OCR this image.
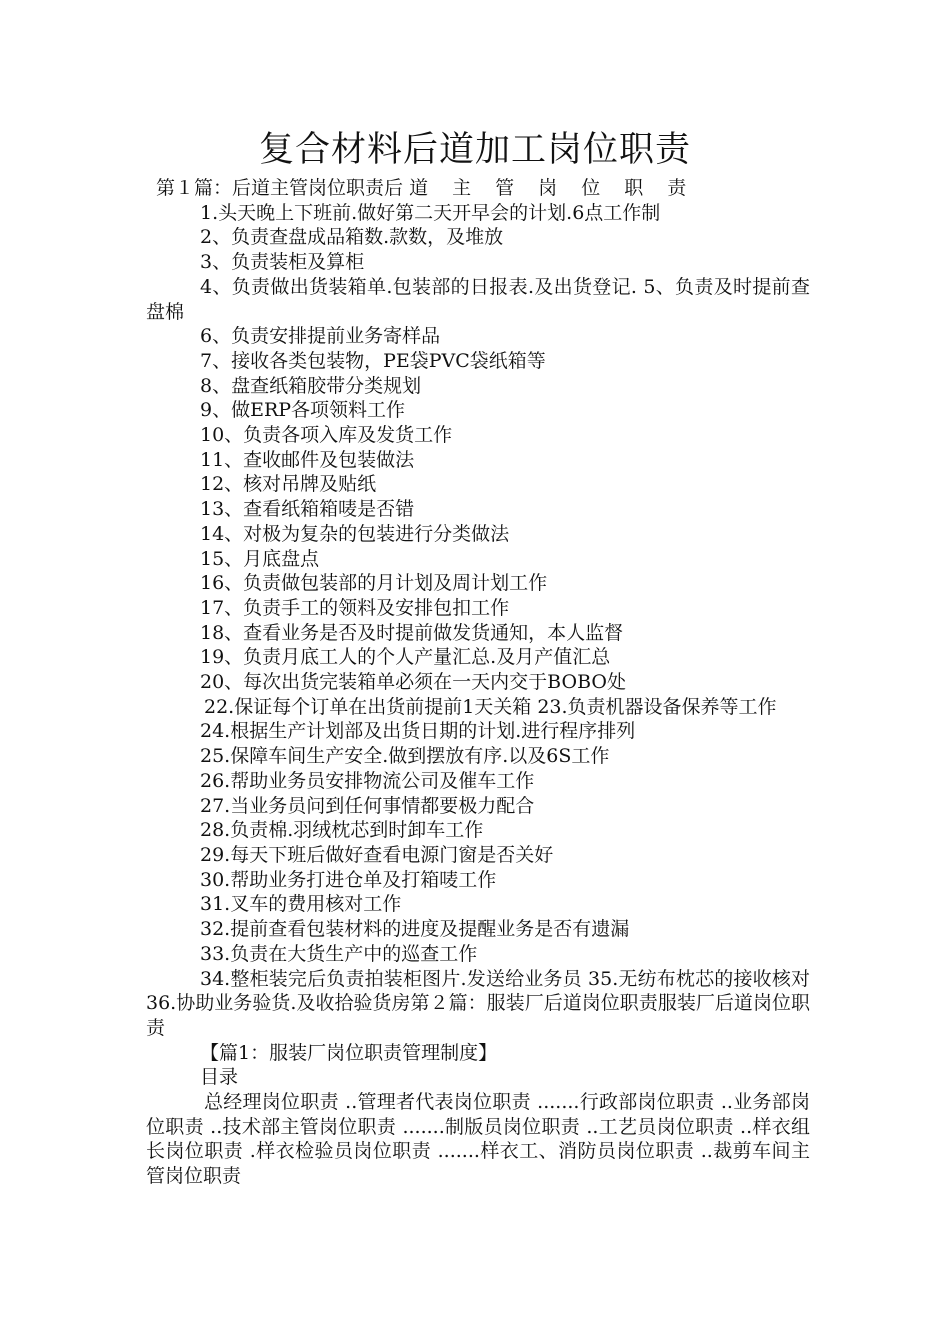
复合材料后道加工岗位职责
第１篇：后道主管岗位职责后 道 主 管 岗 位 职 责
1.头天晚上下班前.做好第二天开早会的计划.6点工作制
2、负责查盘成品箱数.款数，及堆放
3、负责装柜及算柜
4、负责做出货装箱单.包装部的日报表.及出货登记. 5、负责及时提前查盘棉
6、负责安排提前业务寄样品
7、接收各类包装物，PE袋PVC袋纸箱等
8、盘查纸箱胶带分类规划
9、做ERP各项领料工作
10、负责各项入库及发货工作
11、查收邮件及包装做法
12、核对吊牌及贴纸
13、查看纸箱箱唛是否错
14、对极为复杂的包装进行分类做法
15、月底盘点
16、负责做包装部的月计划及周计划工作
17、负责手工的领料及安排包扣工作
18、查看业务是否及时提前做发货通知，本人监督
19、负责月底工人的个人产量汇总.及月产值汇总
20、每次出货完装箱单必须在一天内交于BOBO处
22.保证每个订单在出货前提前1天关箱 23.负责机器设备保养等工作
24.根据生产计划部及出货日期的计划.进行程序排列
25.保障车间生产安全.做到摆放有序.以及6S工作
26.帮助业务员安排物流公司及催车工作
27.当业务员问到任何事情都要极力配合
28.负责棉.羽绒枕芯到时卸车工作
29.每天下班后做好查看电源门窗是否关好
30.帮助业务打进仓单及打箱唛工作
31.叉车的费用核对工作
32.提前查看包装材料的进度及提醒业务是否有遗漏
33.负责在大货生产中的巡查工作
34.整柜装完后负责拍装柜图片.发送给业务员 35.无纺布枕芯的接收核对 36.协助业务验货.及收拾验货房第２篇：服装厂后道岗位职责服装厂后道岗位职责
【篇1：服装厂岗位职责管理制度】
目录
总经理岗位职责 ..管理者代表岗位职责 .......行政部岗位职责 ..业务部岗位职责 ..技术部主管岗位职责 .......制版员岗位职责 ..工艺员岗位职责 ..样衣组长岗位职责 .样衣检验员岗位职责 .......样衣工、消防员岗位职责 ..裁剪车间主管岗位职责
